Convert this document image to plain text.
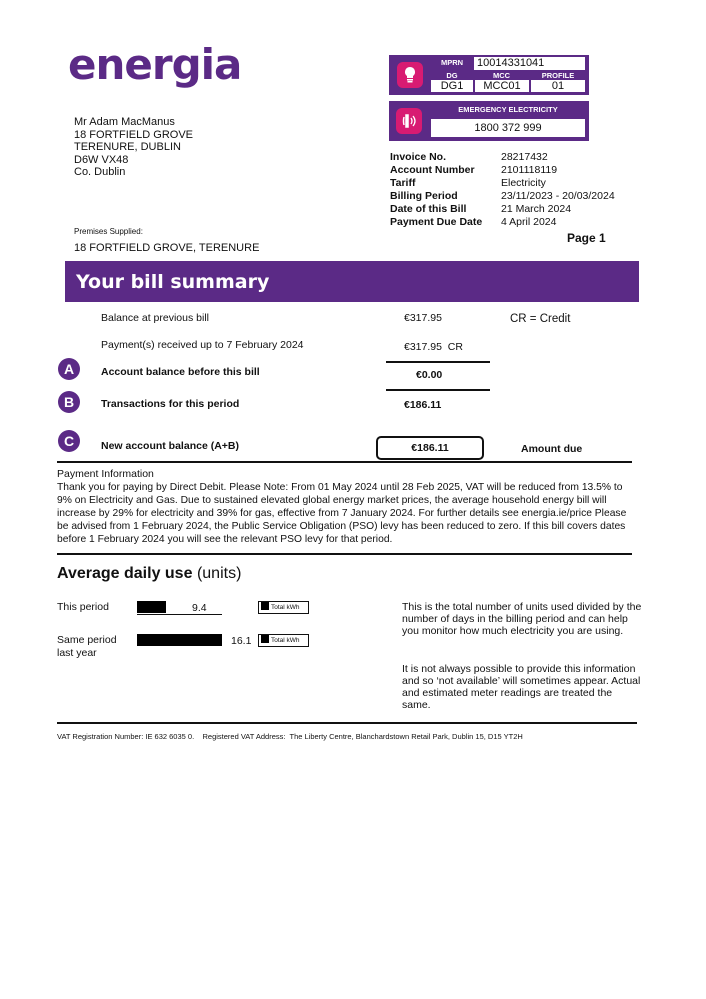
energia
Mr Adam MacManus
18 FORTFIELD GROVE
TERENURE, DUBLIN
D6W VX48
Co. Dublin
Premises Supplied:
18 FORTFIELD GROVE, TERENURE
MPRN	10014331041
DG	MCC	PROFILE
DG1	MCC01	01
EMERGENCY ELECTRICITY
1800 372 999
Invoice No.	28217432
Account Number	2101118119
Tariff	Electricity
Billing Period	23/11/2023 - 20/03/2024
Date of this Bill	21 March 2024
Payment Due Date	4 April 2024
Page 1
Your bill summary
Balance at previous bill	€317.95	CR = Credit
Payment(s) received up to 7 February 2024	€317.95  CR
A	Account balance before this bill	€0.00
B	Transactions for this period	€186.11
C	New account balance (A+B)	€186.11	Amount due
Payment Information
Thank you for paying by Direct Debit. Please Note: From 01 May 2024 until 28 Feb 2025, VAT will be reduced from 13.5% to 9% on Electricity and Gas. Due to sustained elevated global energy market prices, the average household energy bill will increase by 29% for electricity and 39% for gas, effective from 7 January 2024. For further details see energia.ie/price Please be advised from 1 February 2024, the Public Service Obligation (PSO) levy has been reduced to zero. If this bill covers dates before 1 February 2024 you will see the relevant PSO levy for that period.
Average daily use (units)
This period	9.4	Total kWh
Same period
last year
16.1	Total kWh
This is the total number of units used divided by the number of days in the billing period and can help you monitor how much electricity you are using.
It is not always possible to provide this information and so ‘not available’ will sometimes appear. Actual and estimated meter readings are treated the same.
VAT Registration Number: IE 632 6035 0.    Registered VAT Address:  The Liberty Centre, Blanchardstown Retail Park, Dublin 15, D15 YT2H
